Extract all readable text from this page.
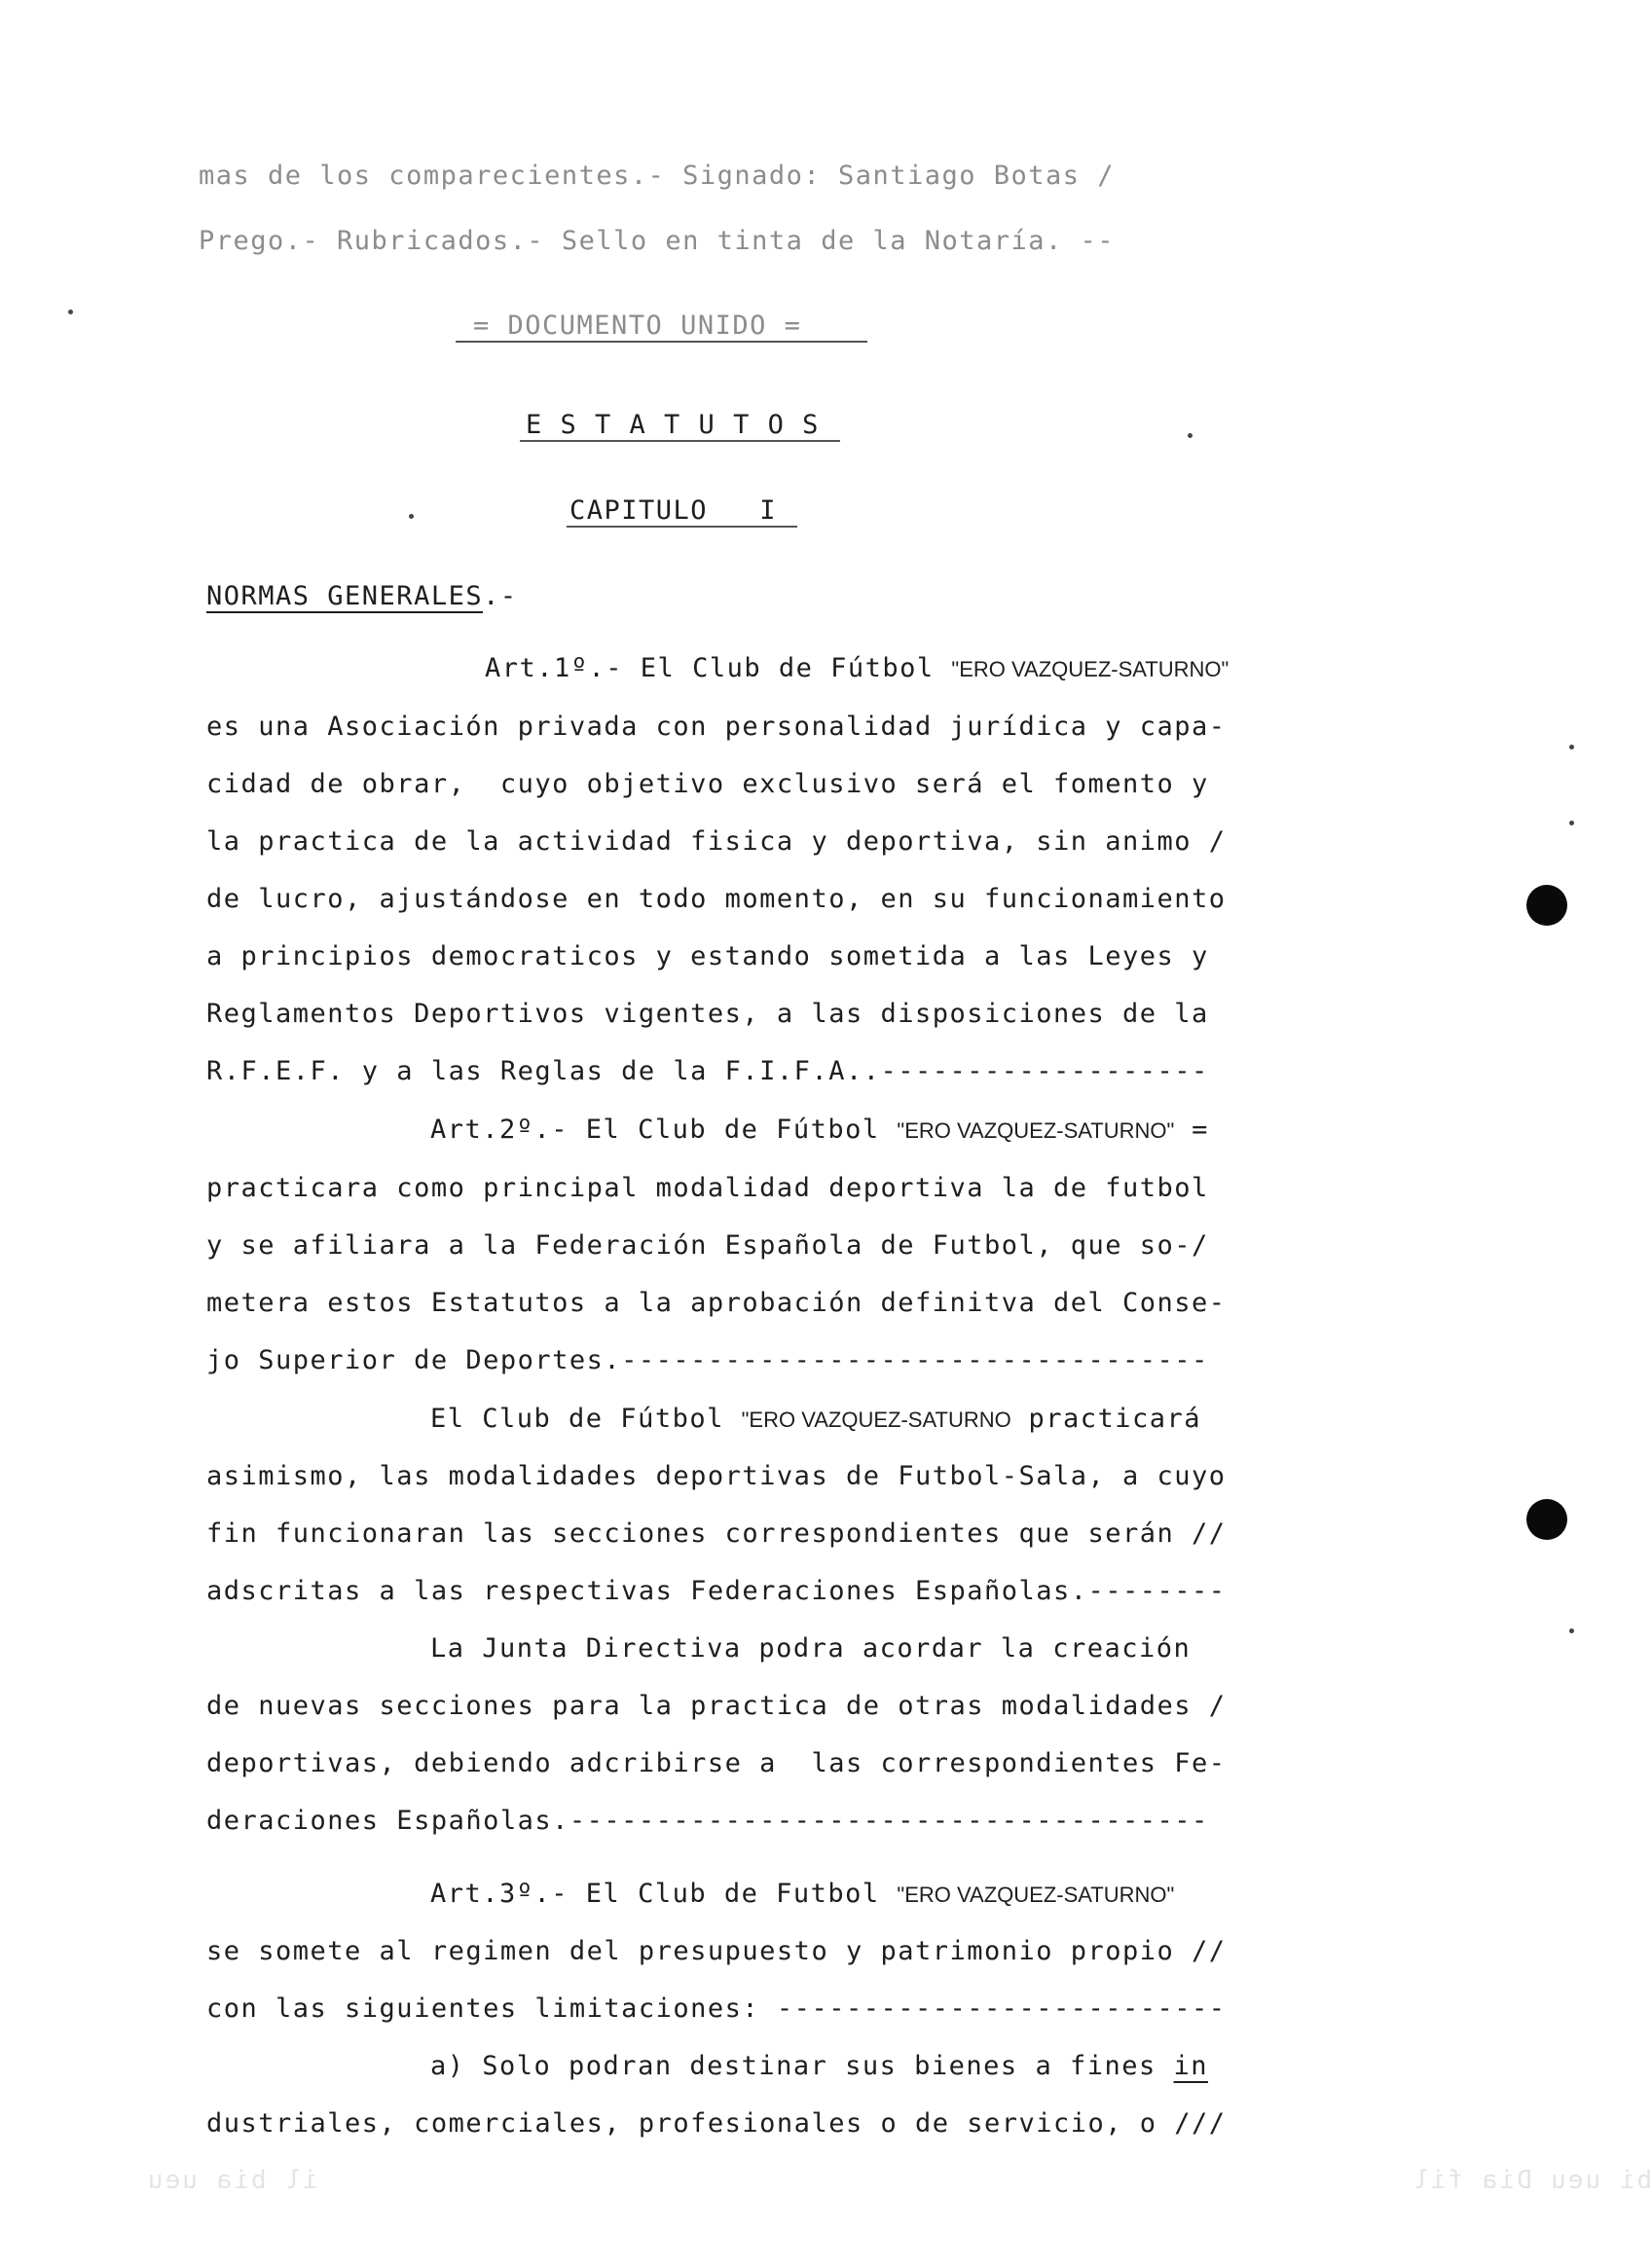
bi ueu Dia fil
il bia ueu
mas de los comparecientes.- Signado: Santiago Botas /
Prego.- Rubricados.- Sello en tinta de la Notaría. --
= DOCUMENTO UNIDO =
E S T A T U T O S
CAPITULO   I
NORMAS GENERALES.-
Art.1º.- El Club de Fútbol "ERO VAZQUEZ-SATURNO"
es una Asociación privada con personalidad jurídica y capa-
cidad de obrar,  cuyo objetivo exclusivo será el fomento y
la practica de la actividad fisica y deportiva, sin animo /
de lucro, ajustándose en todo momento, en su funcionamiento
a principios democraticos y estando sometida a las Leyes y
Reglamentos Deportivos vigentes, a las disposiciones de la
R.F.E.F. y a las Reglas de la F.I.F.A..-------------------
Art.2º.- El Club de Fútbol "ERO VAZQUEZ-SATURNO" =
practicara como principal modalidad deportiva la de futbol
y se afiliara a la Federación Española de Futbol, que so-/
metera estos Estatutos a la aprobación definitva del Conse-
jo Superior de Deportes.----------------------------------
El Club de Fútbol "ERO VAZQUEZ-SATURNO practicará
asimismo, las modalidades deportivas de Futbol-Sala, a cuyo
fin funcionaran las secciones correspondientes que serán //
adscritas a las respectivas Federaciones Españolas.--------
La Junta Directiva podra acordar la creación
de nuevas secciones para la practica de otras modalidades /
deportivas, debiendo adcribirse a  las correspondientes Fe-
deraciones Españolas.-------------------------------------
Art.3º.- El Club de Futbol "ERO VAZQUEZ-SATURNO"
se somete al regimen del presupuesto y patrimonio propio //
con las siguientes limitaciones: --------------------------
a) Solo podran destinar sus bienes a fines in
dustriales, comerciales, profesionales o de servicio, o ///
